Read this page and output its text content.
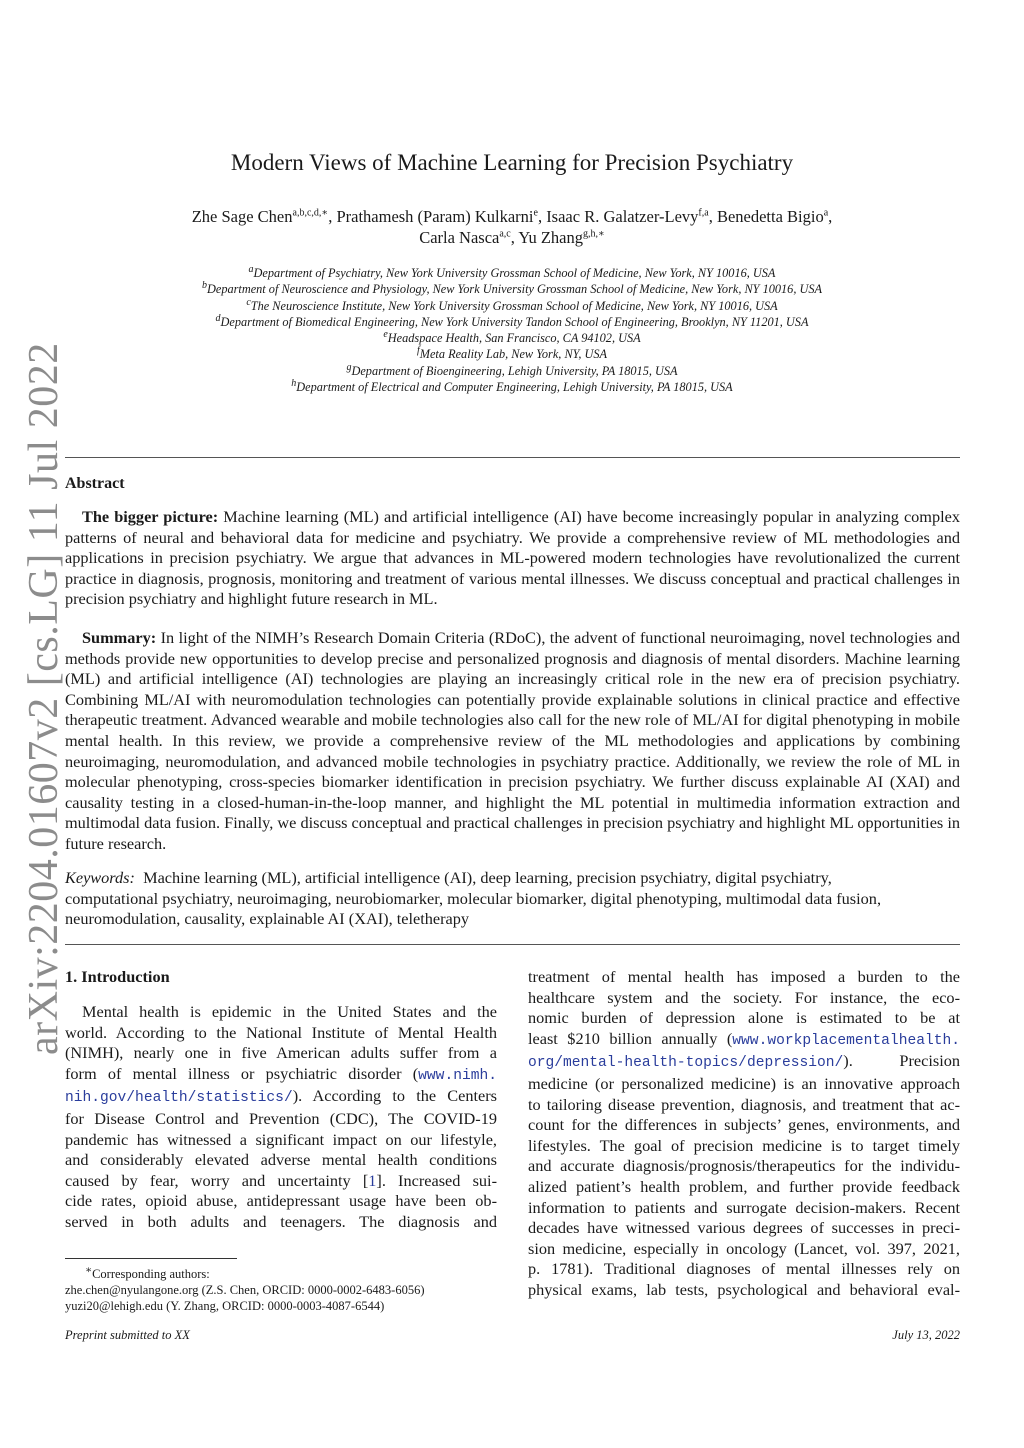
arXiv:2204.01607v2 [cs.LG] 11 Jul 2022
Modern Views of Machine Learning for Precision Psychiatry
Zhe Sage Chen$^{a,b,c,d,∗}$, Prathamesh (Param) Kulkarni$^e$, Isaac R. Galatzer-Levy$^{f,a}$, Benedetta Bigio$^a$,
Carla Nasca$^{a,c}$, Yu Zhang$^{g,h,∗}$
$^a$Department of Psychiatry, New York University Grossman School of Medicine, New York, NY 10016, USA
$^b$Department of Neuroscience and Physiology, New York University Grossman School of Medicine, New York, NY 10016, USA
$^c$The Neuroscience Institute, New York University Grossman School of Medicine, New York, NY 10016, USA
$^d$Department of Biomedical Engineering, New York University Tandon School of Engineering, Brooklyn, NY 11201, USA
$^e$Headspace Health, San Francisco, CA 94102, USA
$^f$Meta Reality Lab, New York, NY, USA
$^g$Department of Bioengineering, Lehigh University, PA 18015, USA
$^h$Department of Electrical and Computer Engineering, Lehigh University, PA 18015, USA
Abstract

The bigger picture: Machine learning (ML) and artificial intelligence (AI) have become increasingly popular in analyzing complex patterns of neural and behavioral data for medicine and psychiatry. We provide a comprehensive review of ML methodologies and applications in precision psychiatry. We argue that advances in ML-powered modern technologies have revolutionalized the current practice in diagnosis, prognosis, monitoring and treatment of various mental illnesses. We discuss conceptual and practical challenges in precision psychiatry and highlight future research in ML.

Summary: In light of the NIMH’s Research Domain Criteria (RDoC), the advent of functional neuroimaging, novel technologies and methods provide new opportunities to develop precise and personalized prognosis and diagnosis of mental disorders. Machine learning (ML) and artificial intelligence (AI) technologies are playing an increasingly critical role in the new era of precision psychiatry. Combining ML/AI with neuromodulation technologies can potentially provide explainable solutions in clinical practice and effective therapeutic treatment. Advanced wearable and mobile technologies also call for the new role of ML/AI for digital phenotyping in mobile mental health. In this review, we provide a comprehensive review of the ML methodologies and applications by combining neuroimaging, neuromodulation, and advanced mobile technologies in psychiatry practice. Additionally, we review the role of ML in molecular phenotyping, cross-species biomarker identification in precision psychiatry. We further discuss explainable AI (XAI) and causality testing in a closed-human-in-the-loop manner, and highlight the ML potential in multimedia information extraction and multimodal data fusion. Finally, we discuss conceptual and practical challenges in precision psychiatry and highlight ML opportunities in future research.

Keywords: Machine learning (ML), artificial intelligence (AI), deep learning, precision psychiatry, digital psychiatry,
computational psychiatry, neuroimaging, neurobiomarker, molecular biomarker, digital phenotyping, multimodal data fusion,
neuromodulation, causality, explainable AI (XAI), teletherapy
1. Introduction
Mental health is epidemic in the United States and the
world. According to the National Institute of Mental Health
(NIMH), nearly one in five American adults suffer from a
form of mental illness or psychiatric disorder (www.nimh.
nih.gov/health/statistics/). According to the Centers
for Disease Control and Prevention (CDC), The COVID-19
pandemic has witnessed a significant impact on our lifestyle,
and considerably elevated adverse mental health conditions
caused by fear, worry and uncertainty [1]. Increased sui-
cide rates, opioid abuse, antidepressant usage have been ob-
served in both adults and teenagers. The diagnosis and
treatment of mental health has imposed a burden to the
healthcare system and the society. For instance, the eco-
nomic burden of depression alone is estimated to be at
least $210 billion annually (www.workplacementalhealth.
org/mental-health-topics/depression/). Precision
medicine (or personalized medicine) is an innovative approach
to tailoring disease prevention, diagnosis, and treatment that ac-
count for the differences in subjects’ genes, environments, and
lifestyles. The goal of precision medicine is to target timely
and accurate diagnosis/prognosis/therapeutics for the individu-
alized patient’s health problem, and further provide feedback
information to patients and surrogate decision-makers. Recent
decades have witnessed various degrees of successes in preci-
sion medicine, especially in oncology (Lancet, vol. 397, 2021,
p. 1781). Traditional diagnoses of mental illnesses rely on
physical exams, lab tests, psychological and behavioral eval-
∗Corresponding authors:
zhe.chen@nyulangone.org (Z.S. Chen, ORCID: 0000-0002-6483-6056)
yuzi20@lehigh.edu (Y. Zhang, ORCID: 0000-0003-4087-6544)
Preprint submitted to XX	July 13, 2022
